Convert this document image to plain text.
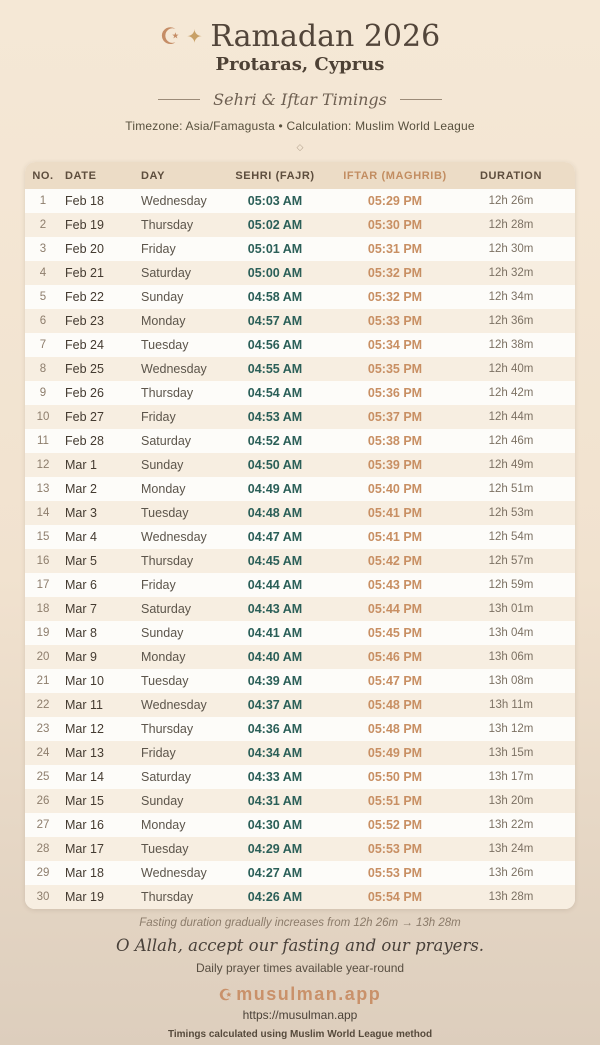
☪ ✦ Ramadan 2026
Protaras, Cyprus
Sehri & Iftar Timings
Timezone: Asia/Famagusta • Calculation: Muslim World League
◇
NO.	DATE	DAY	SEHRI (FAJR)	IFTAR (MAGHRIB)	DURATION
1	Feb 18	Wednesday	05:03 AM	05:29 PM	12h 26m
2	Feb 19	Thursday	05:02 AM	05:30 PM	12h 28m
3	Feb 20	Friday	05:01 AM	05:31 PM	12h 30m
4	Feb 21	Saturday	05:00 AM	05:32 PM	12h 32m
5	Feb 22	Sunday	04:58 AM	05:32 PM	12h 34m
6	Feb 23	Monday	04:57 AM	05:33 PM	12h 36m
7	Feb 24	Tuesday	04:56 AM	05:34 PM	12h 38m
8	Feb 25	Wednesday	04:55 AM	05:35 PM	12h 40m
9	Feb 26	Thursday	04:54 AM	05:36 PM	12h 42m
10	Feb 27	Friday	04:53 AM	05:37 PM	12h 44m
11	Feb 28	Saturday	04:52 AM	05:38 PM	12h 46m
12	Mar 1	Sunday	04:50 AM	05:39 PM	12h 49m
13	Mar 2	Monday	04:49 AM	05:40 PM	12h 51m
14	Mar 3	Tuesday	04:48 AM	05:41 PM	12h 53m
15	Mar 4	Wednesday	04:47 AM	05:41 PM	12h 54m
16	Mar 5	Thursday	04:45 AM	05:42 PM	12h 57m
17	Mar 6	Friday	04:44 AM	05:43 PM	12h 59m
18	Mar 7	Saturday	04:43 AM	05:44 PM	13h 01m
19	Mar 8	Sunday	04:41 AM	05:45 PM	13h 04m
20	Mar 9	Monday	04:40 AM	05:46 PM	13h 06m
21	Mar 10	Tuesday	04:39 AM	05:47 PM	13h 08m
22	Mar 11	Wednesday	04:37 AM	05:48 PM	13h 11m
23	Mar 12	Thursday	04:36 AM	05:48 PM	13h 12m
24	Mar 13	Friday	04:34 AM	05:49 PM	13h 15m
25	Mar 14	Saturday	04:33 AM	05:50 PM	13h 17m
26	Mar 15	Sunday	04:31 AM	05:51 PM	13h 20m
27	Mar 16	Monday	04:30 AM	05:52 PM	13h 22m
28	Mar 17	Tuesday	04:29 AM	05:53 PM	13h 24m
29	Mar 18	Wednesday	04:27 AM	05:53 PM	13h 26m
30	Mar 19	Thursday	04:26 AM	05:54 PM	13h 28m
Fasting duration gradually increases from 12h 26m → 13h 28m
O Allah, accept our fasting and our prayers.
Daily prayer times available year-round
☪ musulman.app
https://musulman.app
Timings calculated using Muslim World League method
